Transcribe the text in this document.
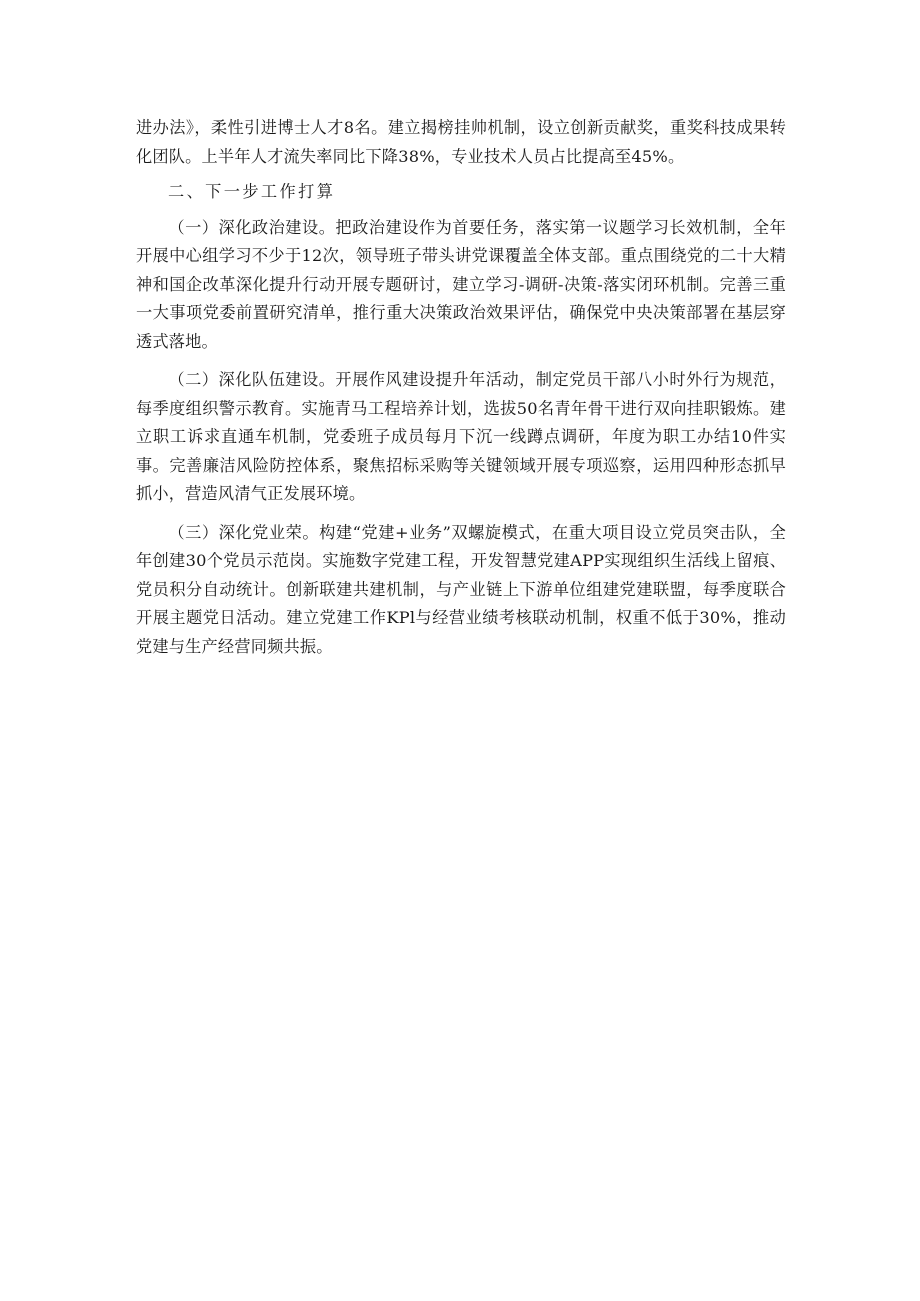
进办法》，柔性引进博士人才8名。建立揭榜挂帅机制，设立创新贡献奖，重奖科技成果转化团队。上半年人才流失率同比下降38%，专业技术人员占比提高至45%。

二、下一步工作打算

（一）深化政治建设。把政治建设作为首要任务，落实第一议题学习长效机制，全年开展中心组学习不少于12次，领导班子带头讲党课覆盖全体支部。重点围绕党的二十大精神和国企改革深化提升行动开展专题研讨，建立学习-调研-决策-落实闭环机制。完善三重一大事项党委前置研究清单，推行重大决策政治效果评估，确保党中央决策部署在基层穿透式落地。

（二）深化队伍建设。开展作风建设提升年活动，制定党员干部八小时外行为规范，每季度组织警示教育。实施青马工程培养计划，选拔50名青年骨干进行双向挂职锻炼。建立职工诉求直通车机制，党委班子成员每月下沉一线蹲点调研，年度为职工办结10件实事。完善廉洁风险防控体系，聚焦招标采购等关键领域开展专项巡察，运用四种形态抓早抓小，营造风清气正发展环境。

（三）深化党业荣。构建“党建+业务”双螺旋模式，在重大项目设立党员突击队，全年创建30个党员示范岗。实施数字党建工程，开发智慧党建APP实现组织生活线上留痕、党员积分自动统计。创新联建共建机制，与产业链上下游单位组建党建联盟，每季度联合开展主题党日活动。建立党建工作KPl与经营业绩考核联动机制，权重不低于30%，推动党建与生产经营同频共振。
